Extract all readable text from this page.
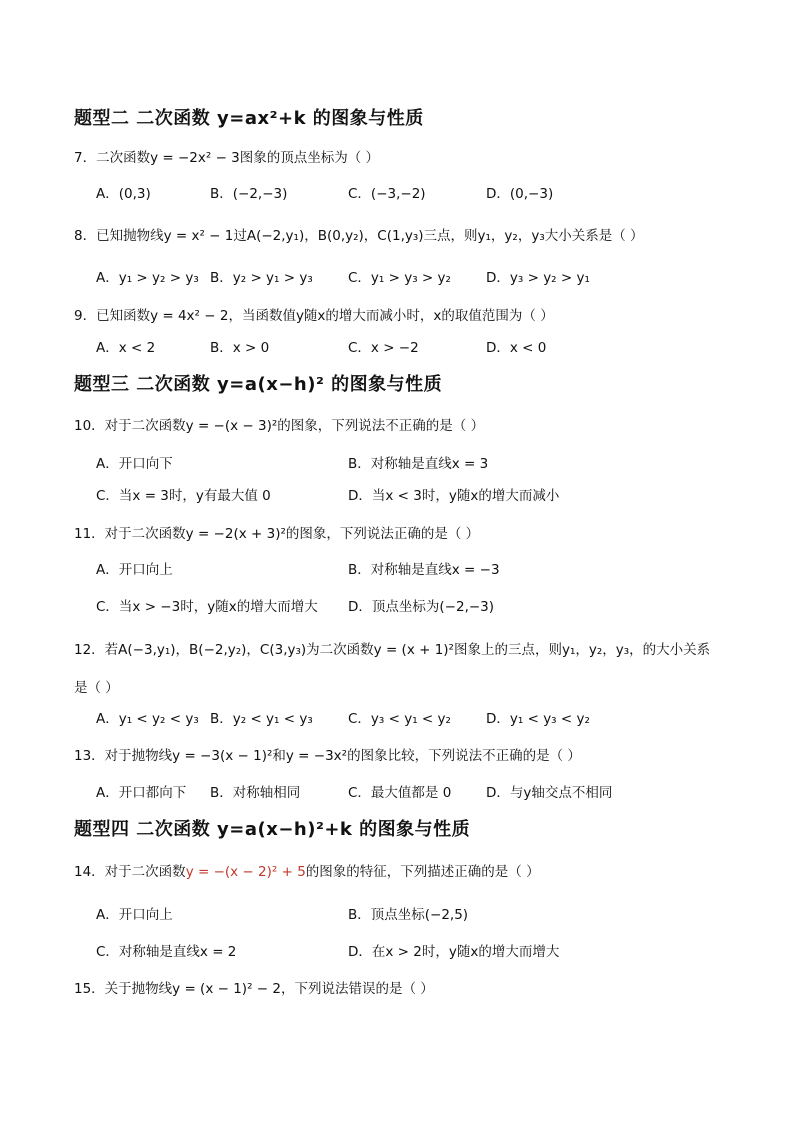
题型二 二次函数 y=ax²+k 的图象与性质
7．二次函数y = −2x² − 3图象的顶点坐标为（ ）
A．(0,3)	B．(−2,−3)	C．(−3,−2)	D．(0,−3)
8．已知抛物线y = x² − 1过A(−2,y₁)，B(0,y₂)，C(1,y₃)三点，则y₁，y₂，y₃大小关系是（ ）
A．y₁ > y₂ > y₃ B．y₂ > y₁ > y₃	C．y₁ > y₃ > y₂	D．y₃ > y₂ > y₁
9．已知函数y = 4x² − 2，当函数值y随x的增大而减小时，x的取值范围为（ ）
A．x < 2	B．x > 0	C．x > −2	D．x < 0
题型三 二次函数 y=a(x−h)² 的图象与性质
10．对于二次函数y = −(x − 3)²的图象，下列说法不正确的是（ ）
A．开口向下	B．对称轴是直线x = 3
C．当x = 3时，y有最大值 0	D．当x < 3时，y随x的增大而减小
11．对于二次函数y = −2(x + 3)²的图象，下列说法正确的是（ ）
A．开口向上	B．对称轴是直线x = −3
C．当x > −3时，y随x的增大而增大 D．顶点坐标为(−2,−3)
12．若A(−3,y₁)，B(−2,y₂)，C(3,y₃)为二次函数y = (x + 1)²图象上的三点，则y₁，y₂，y₃，的大小关系
是（ ）
A．y₁ < y₂ < y₃ B．y₂ < y₁ < y₃	C．y₃ < y₁ < y₂	D．y₁ < y₃ < y₂
13．对于抛物线y = −3(x − 1)²和y = −3x²的图象比较，下列说法不正确的是（ ）
A．开口都向下 B．对称轴相同	C．最大值都是 0	D．与y轴交点不相同
题型四 二次函数 y=a(x−h)²+k 的图象与性质
14．对于二次函数y = −(x − 2)² + 5的图象的特征，下列描述正确的是（ ）
A．开口向上	B．顶点坐标(−2,5)
C．对称轴是直线x = 2	D．在x > 2时，y随x的增大而增大
15．关于抛物线y = (x − 1)² − 2，下列说法错误的是（ ）
